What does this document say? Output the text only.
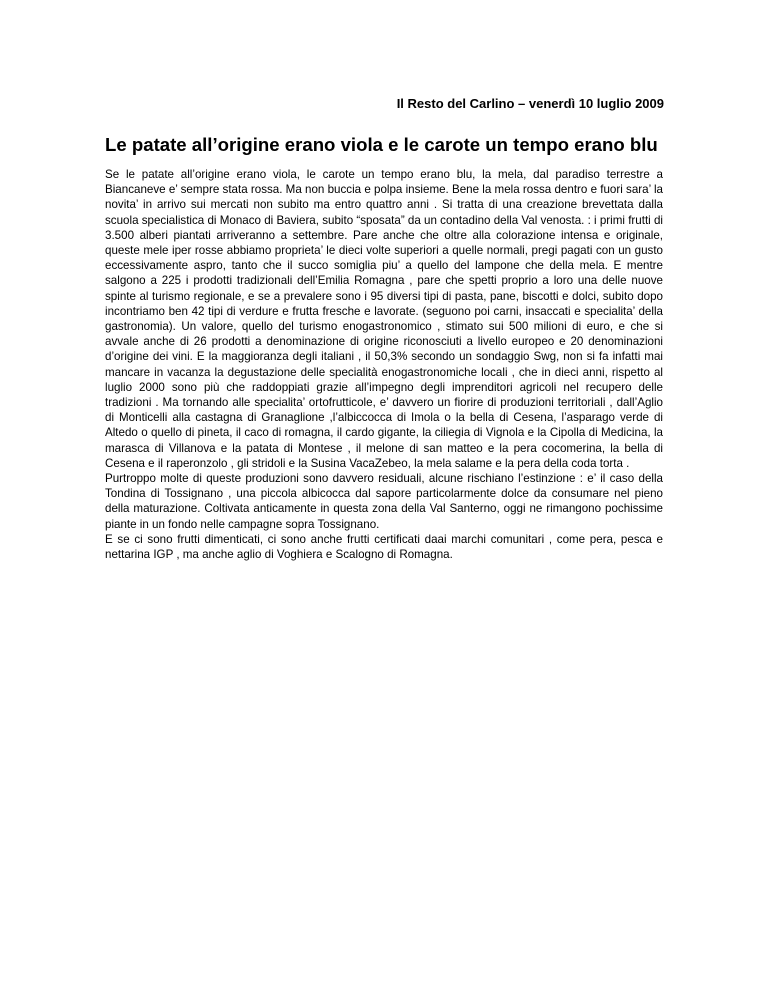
Il Resto del Carlino – venerdì 10 luglio 2009
Le patate all’origine erano viola e le carote un tempo erano blu

Se le patate all’origine erano viola, le carote un tempo erano blu, la mela, dal paradiso terrestre a Biancaneve e’ sempre stata rossa. Ma non buccia e polpa insieme. Bene la mela rossa dentro e fuori sara’ la novita’ in arrivo sui mercati non subito ma entro quattro anni . Si tratta di una creazione brevettata dalla scuola specialistica di Monaco di Baviera, subito “sposata” da un contadino della Val venosta. : i primi frutti di 3.500 alberi piantati arriveranno a settembre. Pare anche che oltre alla colorazione intensa e originale, queste mele iper rosse abbiamo proprieta’ le dieci volte superiori a quelle normali, pregi pagati con un gusto eccessivamente aspro, tanto che il succo somiglia piu’ a quello del lampone che della mela. E mentre salgono a 225 i prodotti tradizionali dell’Emilia Romagna , pare che spetti proprio a loro una delle nuove spinte al turismo regionale, e se a prevalere sono i 95 diversi tipi di pasta, pane, biscotti e dolci, subito dopo incontriamo ben 42 tipi di verdure e frutta fresche e lavorate. (seguono poi carni, insaccati e specialita’ della gastronomia). Un valore, quello del turismo enogastronomico , stimato sui 500 milioni di euro, e che si avvale anche di 26 prodotti a denominazione di origine riconosciuti a livello europeo e 20 denominazioni d’origine dei vini. E la maggioranza degli italiani , il 50,3% secondo un sondaggio Swg, non si fa infatti mai mancare in vacanza la degustazione delle specialità enogastronomiche locali , che in dieci anni, rispetto al luglio 2000 sono più che raddoppiati grazie all’impegno degli imprenditori agricoli nel recupero delle tradizioni . Ma tornando alle specialita’ ortofrutticole, e’ davvero un fiorire di produzioni territoriali , dall’Aglio di Monticelli alla castagna di Granaglione ,l’albiccocca di Imola o la bella di Cesena, l’asparago verde di Altedo o quello di pineta, il caco di romagna, il cardo gigante, la ciliegia di Vignola e la Cipolla di Medicina, la marasca di Villanova e la patata di Montese , il melone di san matteo e la pera cocomerina, la bella di Cesena e il raperonzolo , gli stridoli e la Susina VacaZebeo, la mela salame e la pera della coda torta .

Purtroppo molte di queste produzioni sono davvero residuali, alcune rischiano l’estinzione : e’ il caso della Tondina di Tossignano , una piccola albicocca dal sapore particolarmente dolce da consumare nel pieno della maturazione. Coltivata anticamente in questa zona della Val Santerno, oggi ne rimangono pochissime piante in un fondo nelle campagne sopra Tossignano.

E se ci sono frutti dimenticati, ci sono anche frutti certificati daai marchi comunitari , come pera, pesca e nettarina IGP , ma anche aglio di Voghiera e Scalogno di Romagna.
